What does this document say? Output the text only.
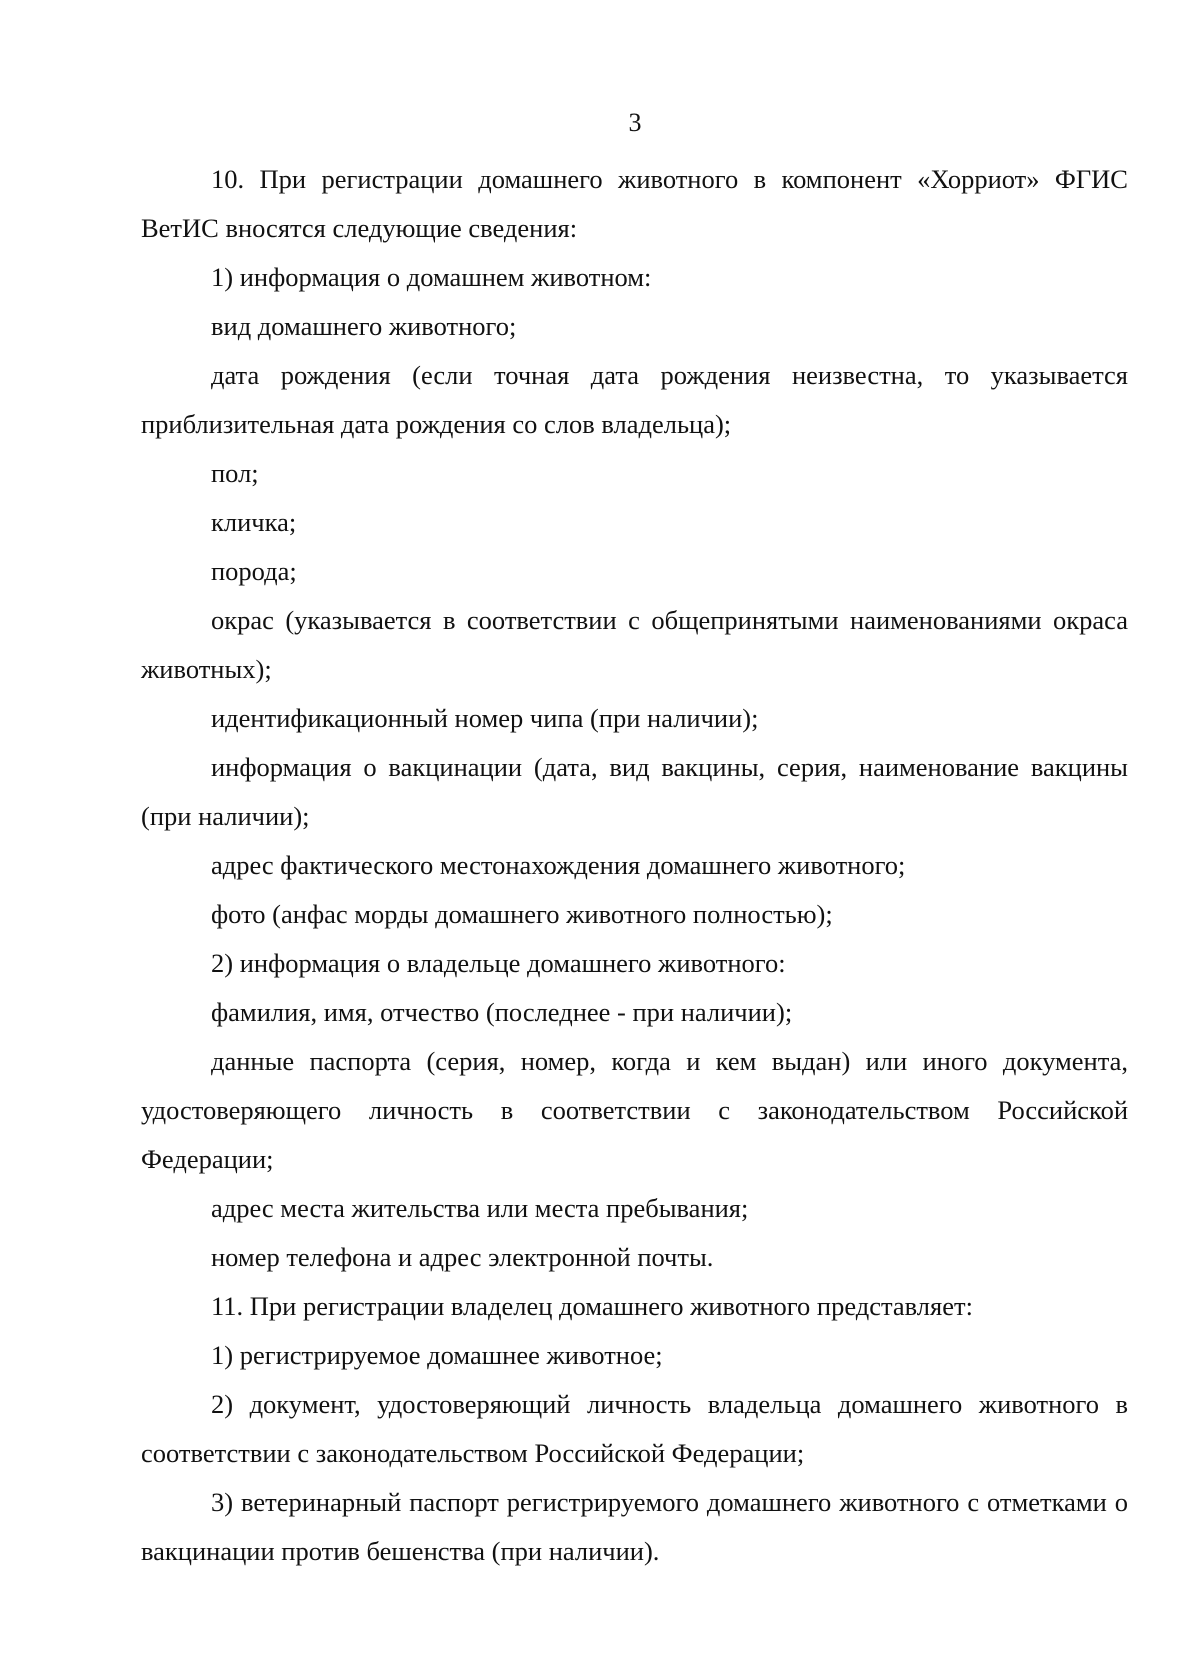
3

10. При регистрации домашнего животного в компонент «Хорриот» ФГИС ВетИС вносятся следующие сведения:

1) информация о домашнем животном:

вид домашнего животного;

дата рождения (если точная дата рождения неизвестна, то указывается приблизительная дата рождения со слов владельца);

пол;

кличка;

порода;

окрас (указывается в соответствии с общепринятыми наименованиями окраса животных);

идентификационный номер чипа (при наличии);

информация о вакцинации (дата, вид вакцины, серия, наименование вакцины (при наличии);

адрес фактического местонахождения домашнего животного;

фото (анфас морды домашнего животного полностью);

2) информация о владельце домашнего животного:

фамилия, имя, отчество (последнее - при наличии);

данные паспорта (серия, номер, когда и кем выдан) или иного документа, удостоверяющего личность в соответствии с законодательством Российской Федерации;

адрес места жительства или места пребывания;

номер телефона и адрес электронной почты.

11. При регистрации владелец домашнего животного представляет:

1) регистрируемое домашнее животное;

2) документ, удостоверяющий личность владельца домашнего животного в соответствии с законодательством Российской Федерации;

3) ветеринарный паспорт регистрируемого домашнего животного с отметками о вакцинации против бешенства (при наличии).
